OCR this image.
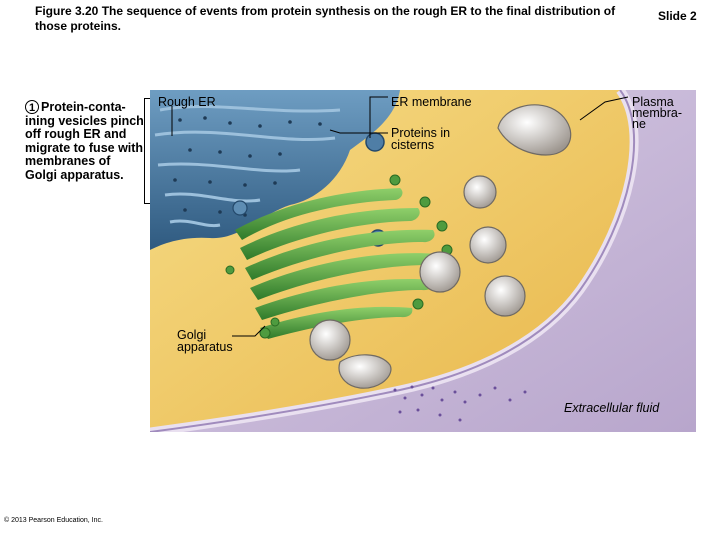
Figure 3.20 The sequence of events from protein synthesis on the rough ER to the final distribution of those proteins.
Slide 2
1 Protein-conta-ining vesicles pinch off rough ER and migrate to fuse with membranes of Golgi apparatus.
Rough ER	ER membrane
Proteins in cisterns
Plasma membra-ne
Golgi apparatus
Extracellular fluid
© 2013 Pearson Education, Inc.
